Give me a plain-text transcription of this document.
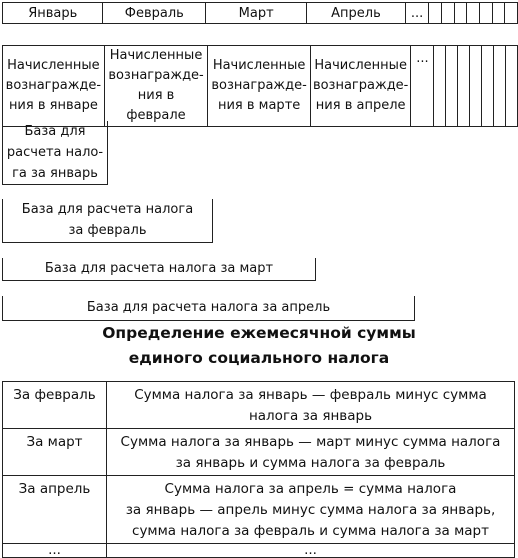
Январь	Февраль	Март	Апрель	...							
Начисленные
вознагражде-
ния в январе

Начисленные
вознагражде-
ния в феврале

Начисленные
вознагражде-
ния в марте

Начисленные
вознагражде-
ния в апреле
	...							
База для
расчета нало-
га за январь
База для расчета налога
за февраль
База для расчета налога за март
База для расчета налога за апрель
Определение ежемесячной суммы
единого социального налога
За февраль	Сумма налога за январь — февраль минус сумма
налога за январь

За март	Сумма налога за январь — март минус сумма налога
за январь и сумма налога за февраль

За апрель	Сумма налога за апрель = сумма налога
за январь — апрель минус сумма налога за январь,
сумма налога за февраль и сумма налога за март

...	...
